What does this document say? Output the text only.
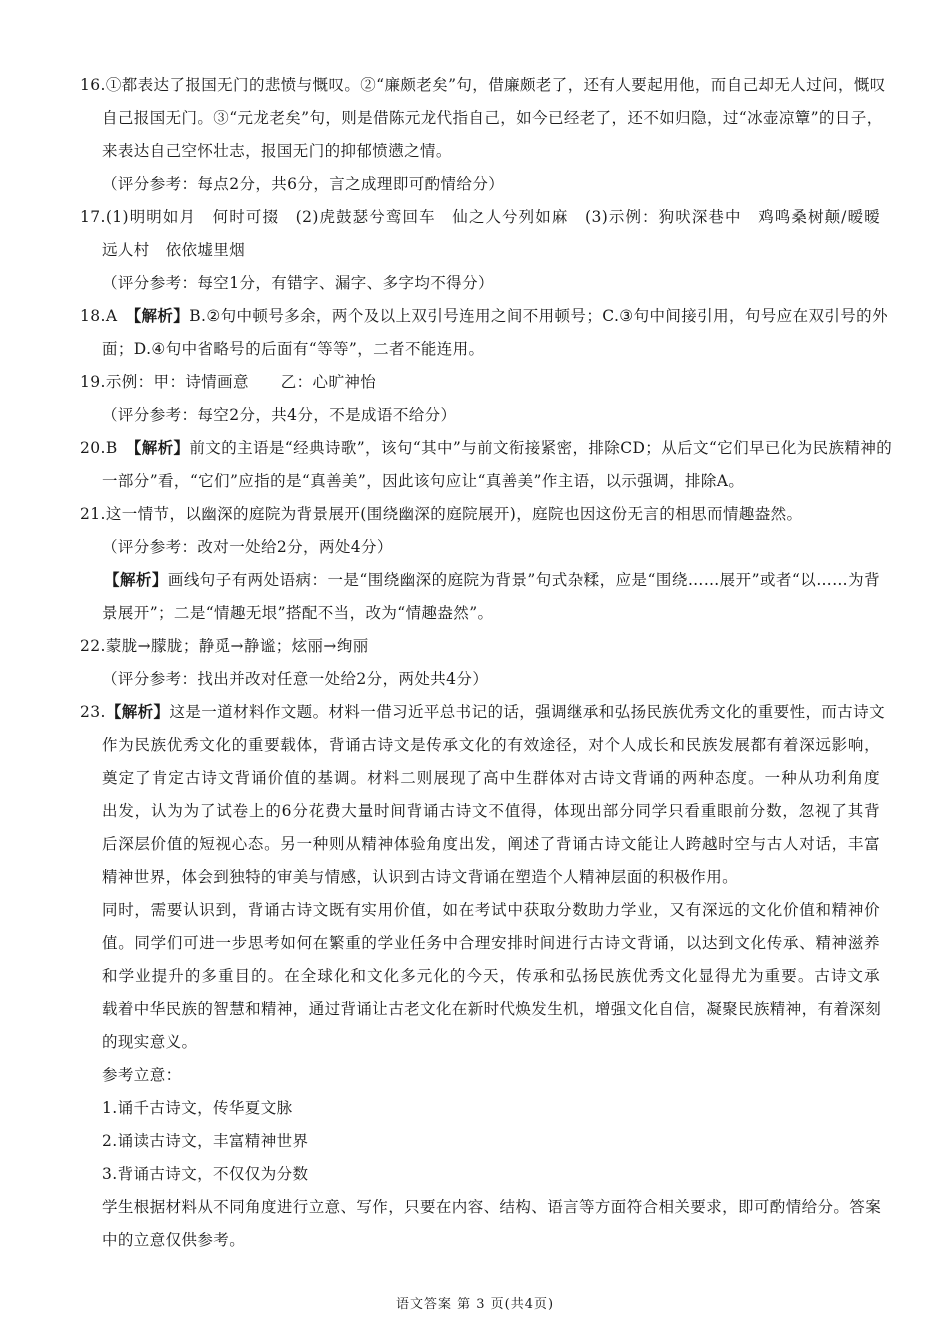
16.①都表达了报国无门的悲愤与慨叹。②“廉颇老矣”句，借廉颇老了，还有人要起用他，而自己却无人过问，慨叹
自己报国无门。③“元龙老矣”句，则是借陈元龙代指自己，如今已经老了，还不如归隐，过“冰壶凉簟”的日子，
来表达自己空怀壮志，报国无门的抑郁愤懑之情。
（评分参考：每点2分，共6分，言之成理即可酌情给分）
17.(1)明明如月　何时可掇　(2)虎鼓瑟兮鸾回车　仙之人兮列如麻　(3)示例：狗吠深巷中　鸡鸣桑树颠/暧暧
远人村　依依墟里烟
（评分参考：每空1分，有错字、漏字、多字均不得分）
18.A　【解析】B.②句中顿号多余，两个及以上双引号连用之间不用顿号；C.③句中间接引用，句号应在双引号的外
面；D.④句中省略号的后面有“等等”，二者不能连用。
19.示例：甲：诗情画意　　乙：心旷神怡
（评分参考：每空2分，共4分，不是成语不给分）
20.B　【解析】前文的主语是“经典诗歌”，该句“其中”与前文衔接紧密，排除CD；从后文“它们早已化为民族精神的
一部分”看，“它们”应指的是“真善美”，因此该句应让“真善美”作主语，以示强调，排除A。
21.这一情节，以幽深的庭院为背景展开(围绕幽深的庭院展开)，庭院也因这份无言的相思而情趣盎然。
（评分参考：改对一处给2分，两处4分）
【解析】画线句子有两处语病：一是“围绕幽深的庭院为背景”句式杂糅，应是“围绕……展开”或者“以……为背
景展开”；二是“情趣无垠”搭配不当，改为“情趣盎然”。
22.蒙胧→朦胧；静觅→静谧；炫丽→绚丽
（评分参考：找出并改对任意一处给2分，两处共4分）
23.【解析】这是一道材料作文题。材料一借习近平总书记的话，强调继承和弘扬民族优秀文化的重要性，而古诗文
作为民族优秀文化的重要载体，背诵古诗文是传承文化的有效途径，对个人成长和民族发展都有着深远影响，
奠定了肯定古诗文背诵价值的基调。材料二则展现了高中生群体对古诗文背诵的两种态度。一种从功利角度
出发，认为为了试卷上的6分花费大量时间背诵古诗文不值得，体现出部分同学只看重眼前分数，忽视了其背
后深层价值的短视心态。另一种则从精神体验角度出发，阐述了背诵古诗文能让人跨越时空与古人对话，丰富
精神世界，体会到独特的审美与情感，认识到古诗文背诵在塑造个人精神层面的积极作用。
同时，需要认识到，背诵古诗文既有实用价值，如在考试中获取分数助力学业，又有深远的文化价值和精神价
值。同学们可进一步思考如何在繁重的学业任务中合理安排时间进行古诗文背诵，以达到文化传承、精神滋养
和学业提升的多重目的。在全球化和文化多元化的今天，传承和弘扬民族优秀文化显得尤为重要。古诗文承
载着中华民族的智慧和精神，通过背诵让古老文化在新时代焕发生机，增强文化自信，凝聚民族精神，有着深刻
的现实意义。
参考立意：
1.诵千古诗文，传华夏文脉
2.诵读古诗文，丰富精神世界
3.背诵古诗文，不仅仅为分数
学生根据材料从不同角度进行立意、写作，只要在内容、结构、语言等方面符合相关要求，即可酌情给分。答案
中的立意仅供参考。
语文答案 第 3 页(共4页)
